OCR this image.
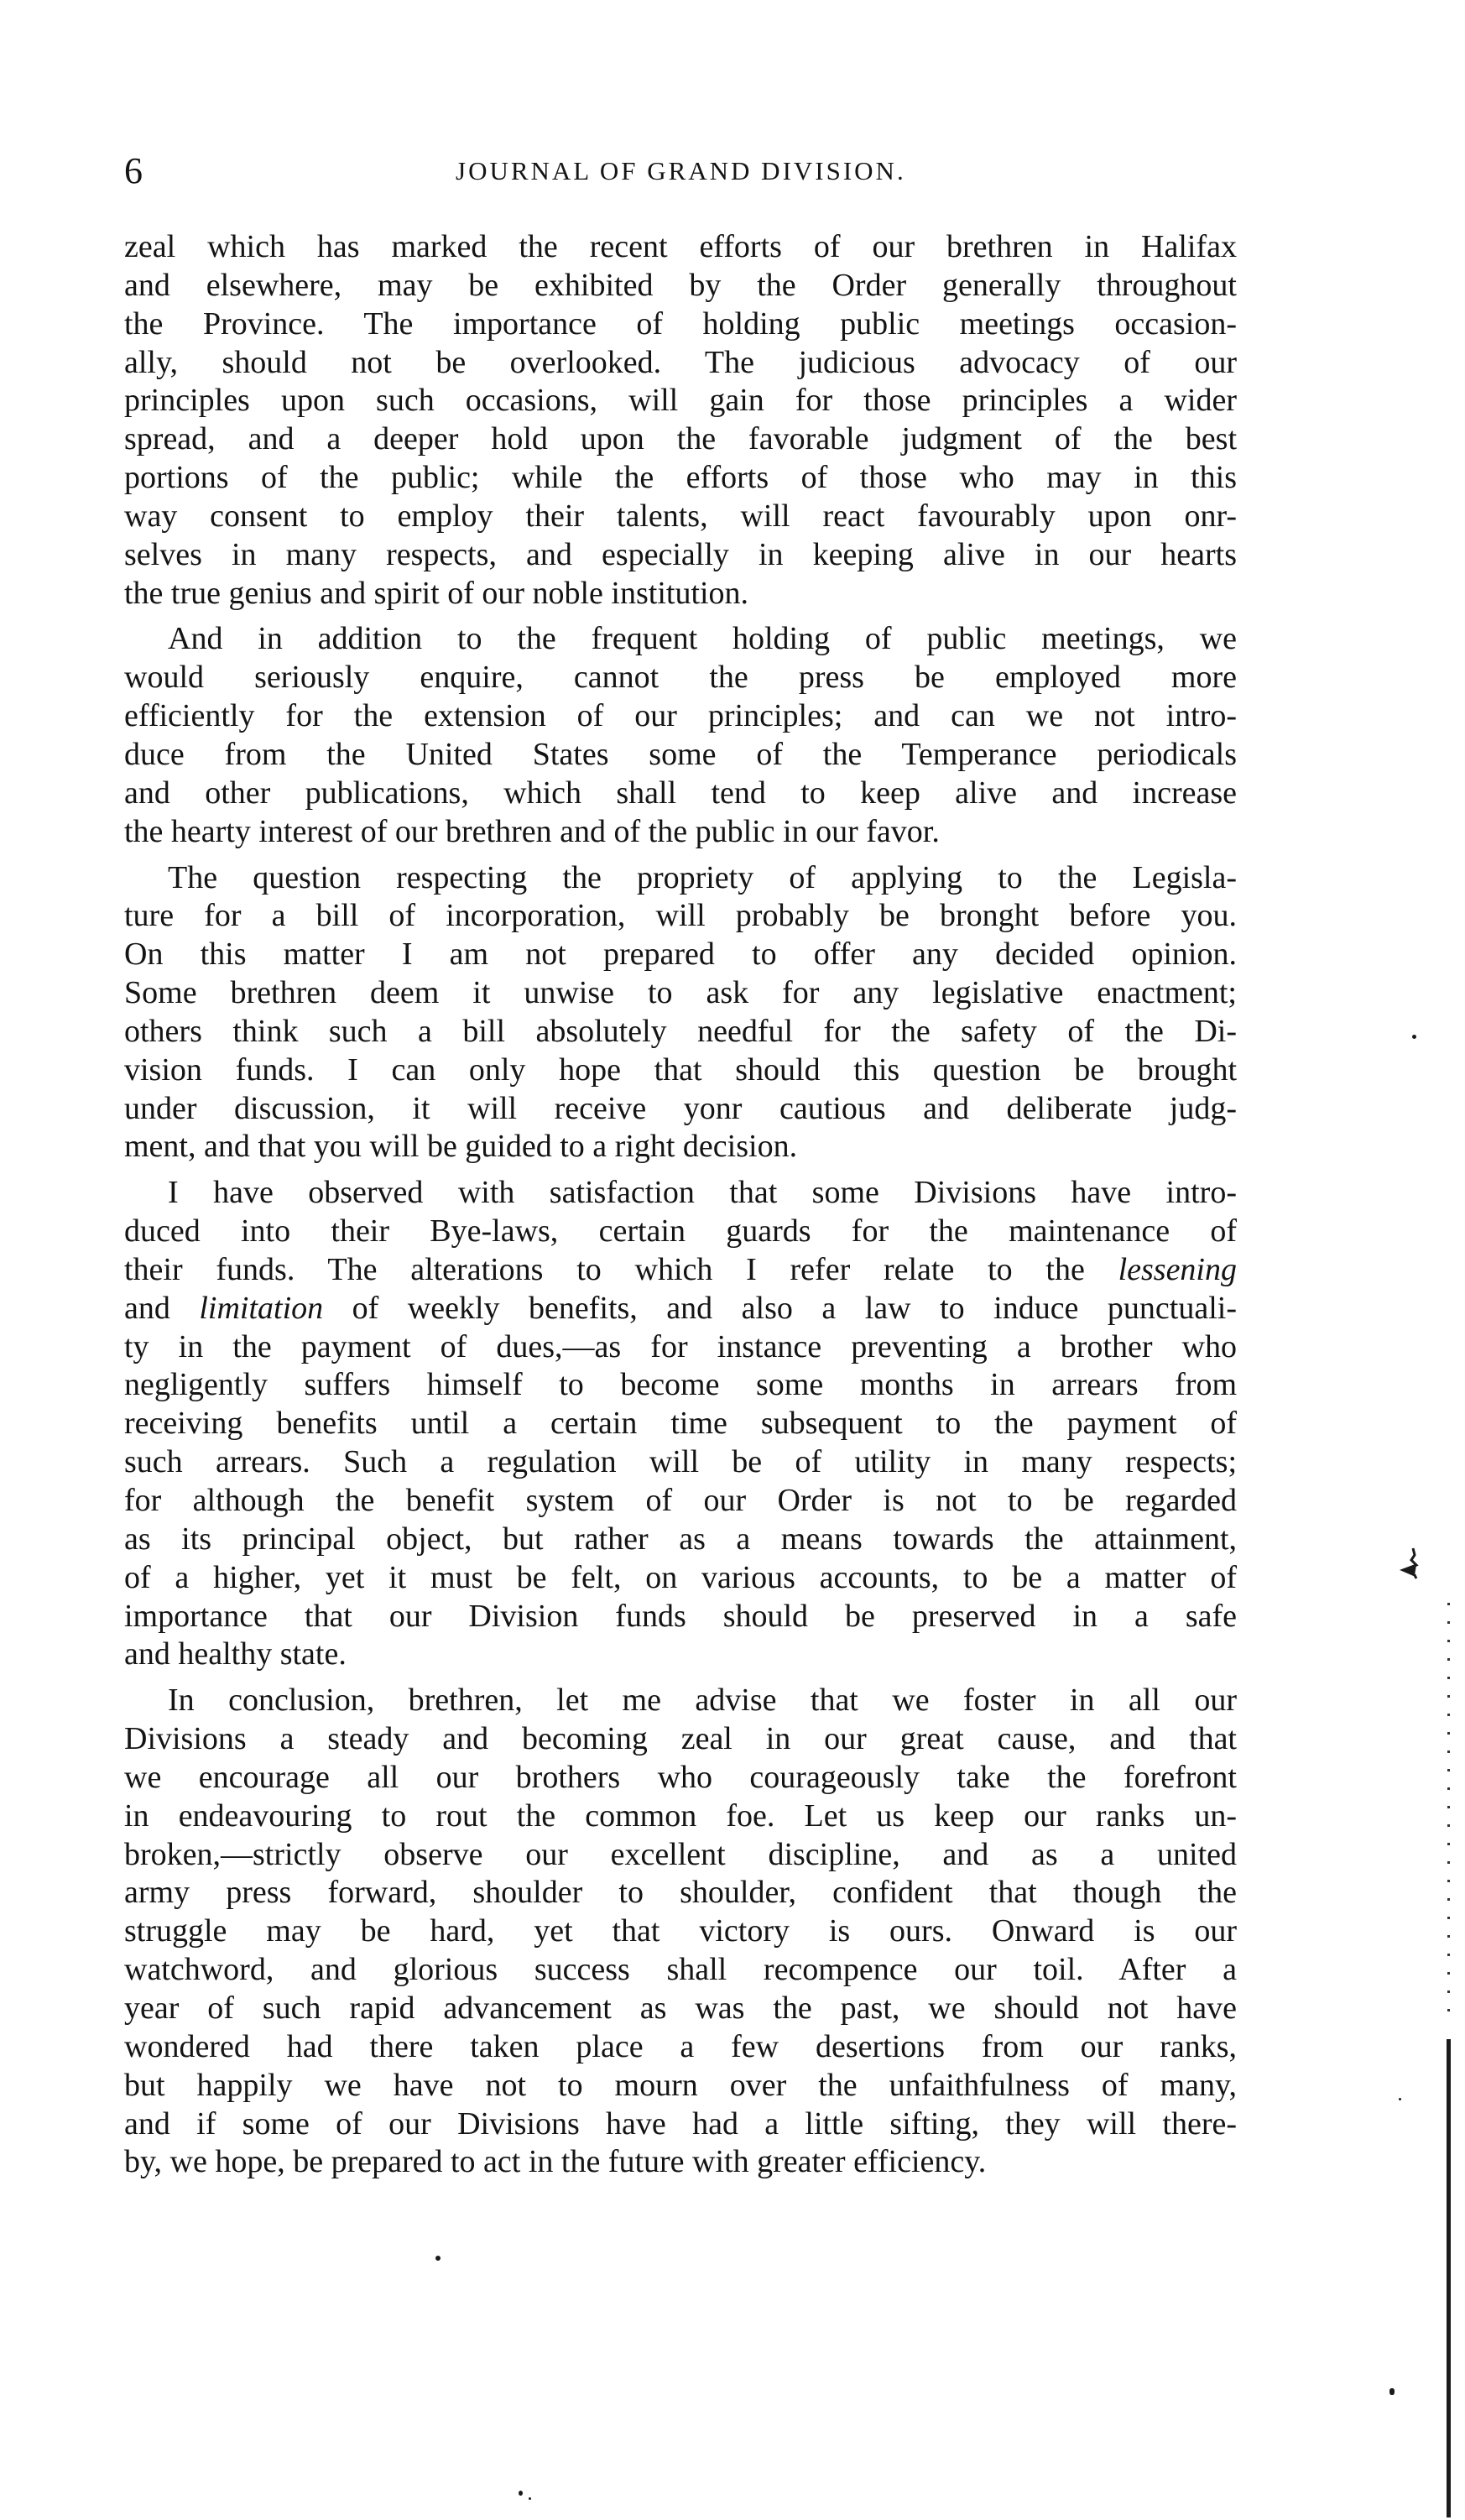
6	JOURNAL OF GRAND DIVISION.
zeal which has marked the recent efforts of our brethren in Halifax
and elsewhere, may be exhibited by the Order generally throughout
the Province. The importance of holding public meetings occasion-
ally, should not be overlooked. The judicious advocacy of our
principles upon such occasions, will gain for those principles a wider
spread, and a deeper hold upon the favorable judgment of the best
portions of the public; while the efforts of those who may in this
way consent to employ their talents, will react favourably upon onr-
selves in many respects, and especially in keeping alive in our hearts
the true genius and spirit of our noble institution.
And in addition to the frequent holding of public meetings, we
would seriously enquire, cannot the press be employed more
efficiently for the extension of our principles; and can we not intro-
duce from the United States some of the Temperance periodicals
and other publications, which shall tend to keep alive and increase
the hearty interest of our brethren and of the public in our favor.
The question respecting the propriety of applying to the Legisla-
ture for a bill of incorporation, will probably be bronght before you.
On this matter I am not prepared to offer any decided opinion.
Some brethren deem it unwise to ask for any legislative enactment;
others think such a bill absolutely needful for the safety of the Di-
vision funds. I can only hope that should this question be brought
under discussion, it will receive yonr cautious and deliberate judg-
ment, and that you will be guided to a right decision.
I have observed with satisfaction that some Divisions have intro-
duced into their Bye-laws, certain guards for the maintenance of
their funds. The alterations to which I refer relate to the lessening
and limitation of weekly benefits, and also a law to induce punctuali-
ty in the payment of dues,—as for instance preventing a brother who
negligently suffers himself to become some months in arrears from
receiving benefits until a certain time subsequent to the payment of
such arrears. Such a regulation will be of utility in many respects;
for although the benefit system of our Order is not to be regarded
as its principal object, but rather as a means towards the attainment,
of a higher, yet it must be felt, on various accounts, to be a matter of
importance that our Division funds should be preserved in a safe
and healthy state.
In conclusion, brethren, let me advise that we foster in all our
Divisions a steady and becoming zeal in our great cause, and that
we encourage all our brothers who courageously take the forefront
in endeavouring to rout the common foe. Let us keep our ranks un-
broken,—strictly observe our excellent discipline, and as a united
army press forward, shoulder to shoulder, confident that though the
struggle may be hard, yet that victory is ours. Onward is our
watchword, and glorious success shall recompence our toil. After a
year of such rapid advancement as was the past, we should not have
wondered had there taken place a few desertions from our ranks,
but happily we have not to mourn over the unfaithfulness of many,
and if some of our Divisions have had a little sifting, they will there-
by, we hope, be prepared to act in the future with greater efficiency.
